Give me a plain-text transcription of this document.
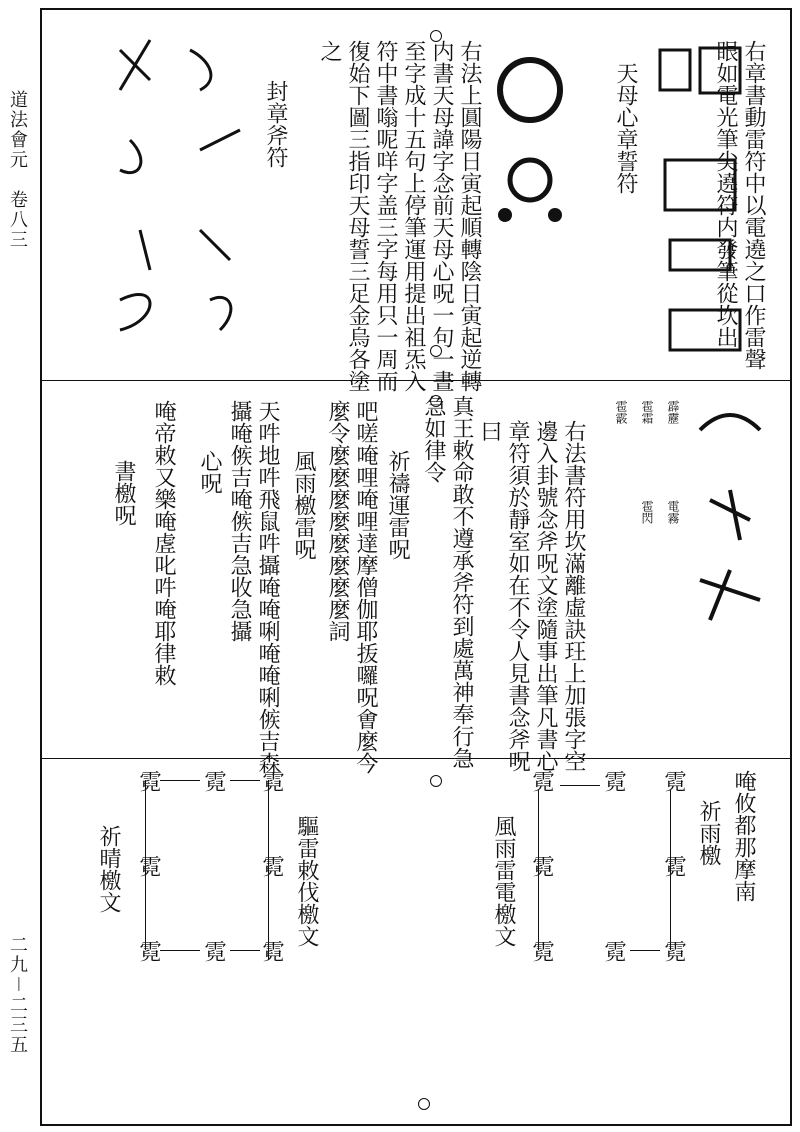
道法會元　卷八三
二九－二三五
右章書動雷符中以電遶之口作雷聲
眼如電光筆尖遶符内發筆從坎出
天母心章誓符
右法上圓陽日寅起順轉陰日寅起逆轉
内書天母諱字念前天母心呪一句一晝
至字成十五句上停筆運用提出祖炁入
符中書嗡呢咩字盖三字每用只一周而
復始下圖三指印天母誓三足金烏各塗
之
封章斧符
右法書符用坎滿離虛訣玨上加張字空
邊入卦號念斧呪文塗隨事出筆凡書心
章符須於靜室如在不令人見書念斧呪
曰
真王敕命敢不遵承斧符到處萬神奉行急
急如律令
祈禱運雷呪
吧嗟唵哩唵哩達摩僧伽耶㧞囉呪㑹麼今
麼令麼麼麼麼麼麼麼麼詞
風雨檄雷呪
天吽地吽飛鼠吽攝唵唵唎唵唵唎㑵吉森
攝唵㑵吉唵㑵吉急收急攝
心呪
唵帝敕又樂唵虗叱吽唵耶律敕
書檄呪
霹靂
雹霜
雹霰
電霧
雹閃
唵攸都那摩南
祈雨檄
風雨雷電檄文
驅雷敕伐檄文
祈晴檄文
霓
霓
霓
霓
霓
霓
霓
霓
霓
霓
霓
霓
霓
霓
霓
霓
